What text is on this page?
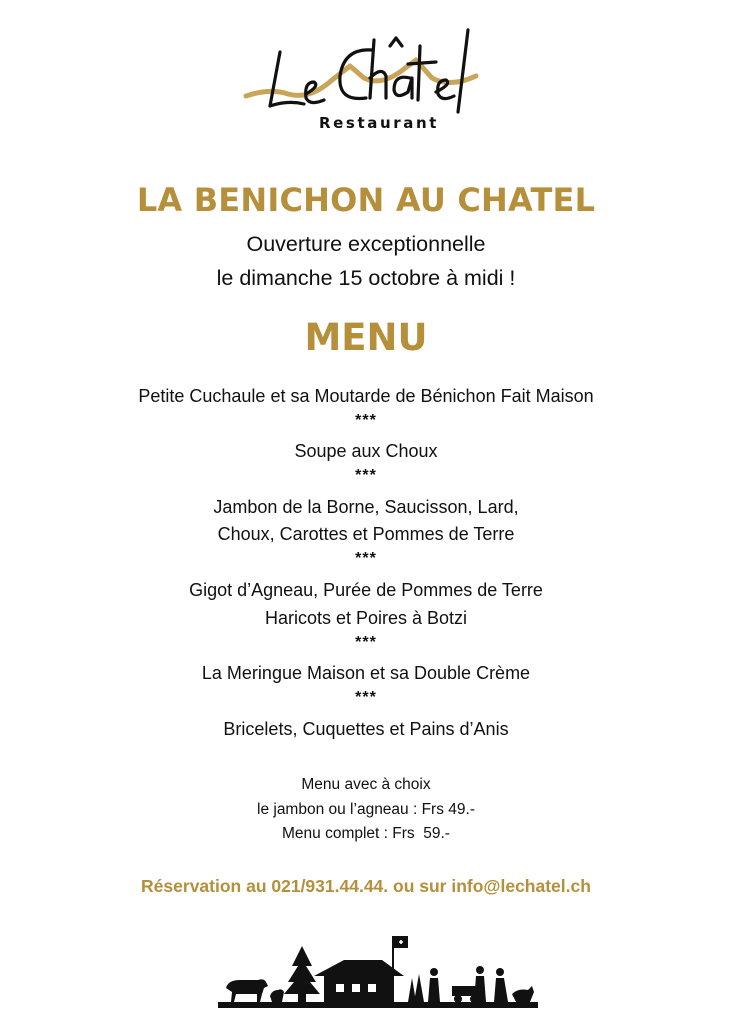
Restaurant
LA BENICHON AU CHATEL
Ouverture exceptionnelle
le dimanche 15 octobre à midi !
MENU
Petite Cuchaule et sa Moutarde de Bénichon Fait Maison
***
Soupe aux Choux
***
Jambon de la Borne, Saucisson, Lard,
Choux, Carottes et Pommes de Terre
***
Gigot d’Agneau, Purée de Pommes de Terre
Haricots et Poires à Botzi
***
La Meringue Maison et sa Double Crème
***
Bricelets, Cuquettes et Pains d’Anis
Menu avec à choix
le jambon ou l’agneau : Frs 49.-
Menu complet : Frs  59.-
Réservation au 021/931.44.44. ou sur info@lechatel.ch
